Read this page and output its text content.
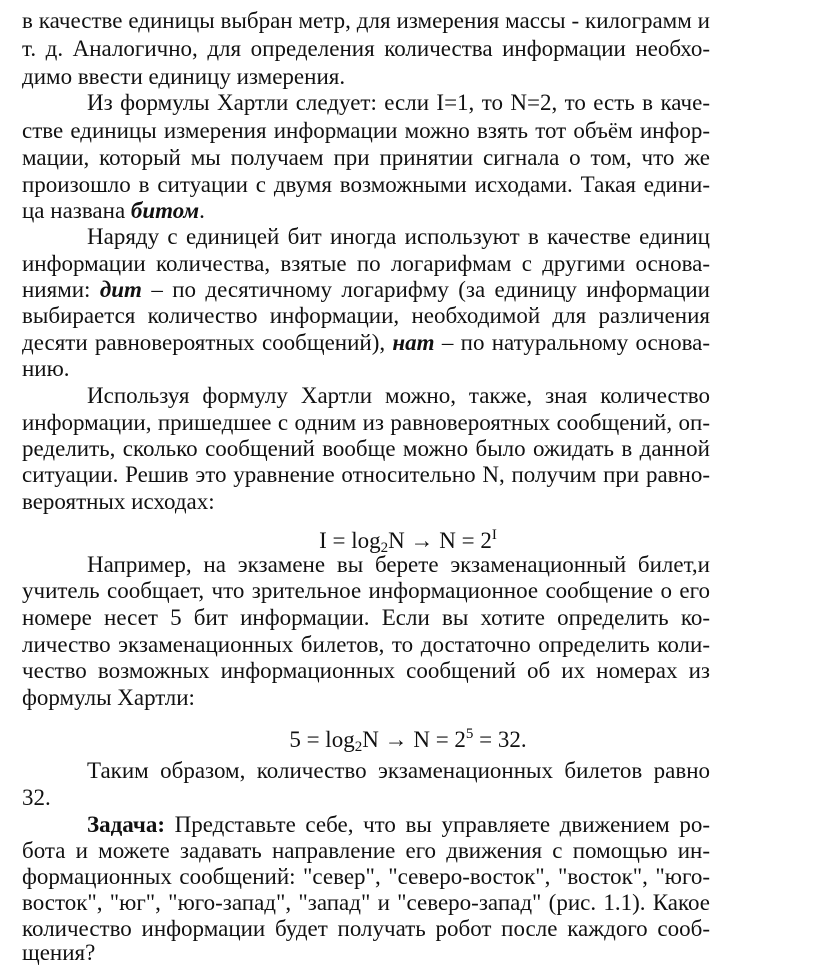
в качестве единицы выбран метр, для измерения массы - килограмм и
т. д. Аналогично, для определения количества информации необхо-
димо ввести единицу измерения.
Из формулы Хартли следует: если I=1, то N=2, то есть в каче-
стве единицы измерения информации можно взять тот объём инфор-
мации, который мы получаем при принятии сигнала о том, что же
произошло в ситуации с двумя возможными исходами. Такая едини-
ца названа битом.
Наряду с единицей бит иногда используют в качестве единиц
информации количества, взятые по логарифмам с другими основа-
ниями: дит – по десятичному логарифму (за единицу информации
выбирается количество информации, необходимой для различения
десяти равновероятных сообщений), нат – по натуральному основа-
нию.
Используя формулу Хартли можно, также, зная количество
информации, пришедшее с одним из равновероятных сообщений, оп-
ределить, сколько сообщений вообще можно было ожидать в данной
ситуации. Решив это уравнение относительно N, получим при равно-
вероятных исходах:
$I = \log_2N \to N = 2^I$
Например, на экзамене вы берете экзаменационный билет,и
учитель сообщает, что зрительное информационное сообщение о его
номере несет 5 бит информации. Если вы хотите определить ко-
личество экзаменационных билетов, то достаточно определить коли-
чество возможных информационных сообщений об их номерах из
формулы Хартли:
$5 = \log_2N \to N = 2^5 = 32$.
Таким образом, количество экзаменационных билетов равно
32.
Задача: Представьте себе, что вы управляете движением ро-
бота и можете задавать направление его движения с помощью ин-
формационных сообщений: "север", "северо-восток", "восток", "юго-
восток", "юг", "юго-запад", "запад" и "северо-запад" (рис. 1.1). Какое
количество информации будет получать робот после каждого сооб-
щения?
